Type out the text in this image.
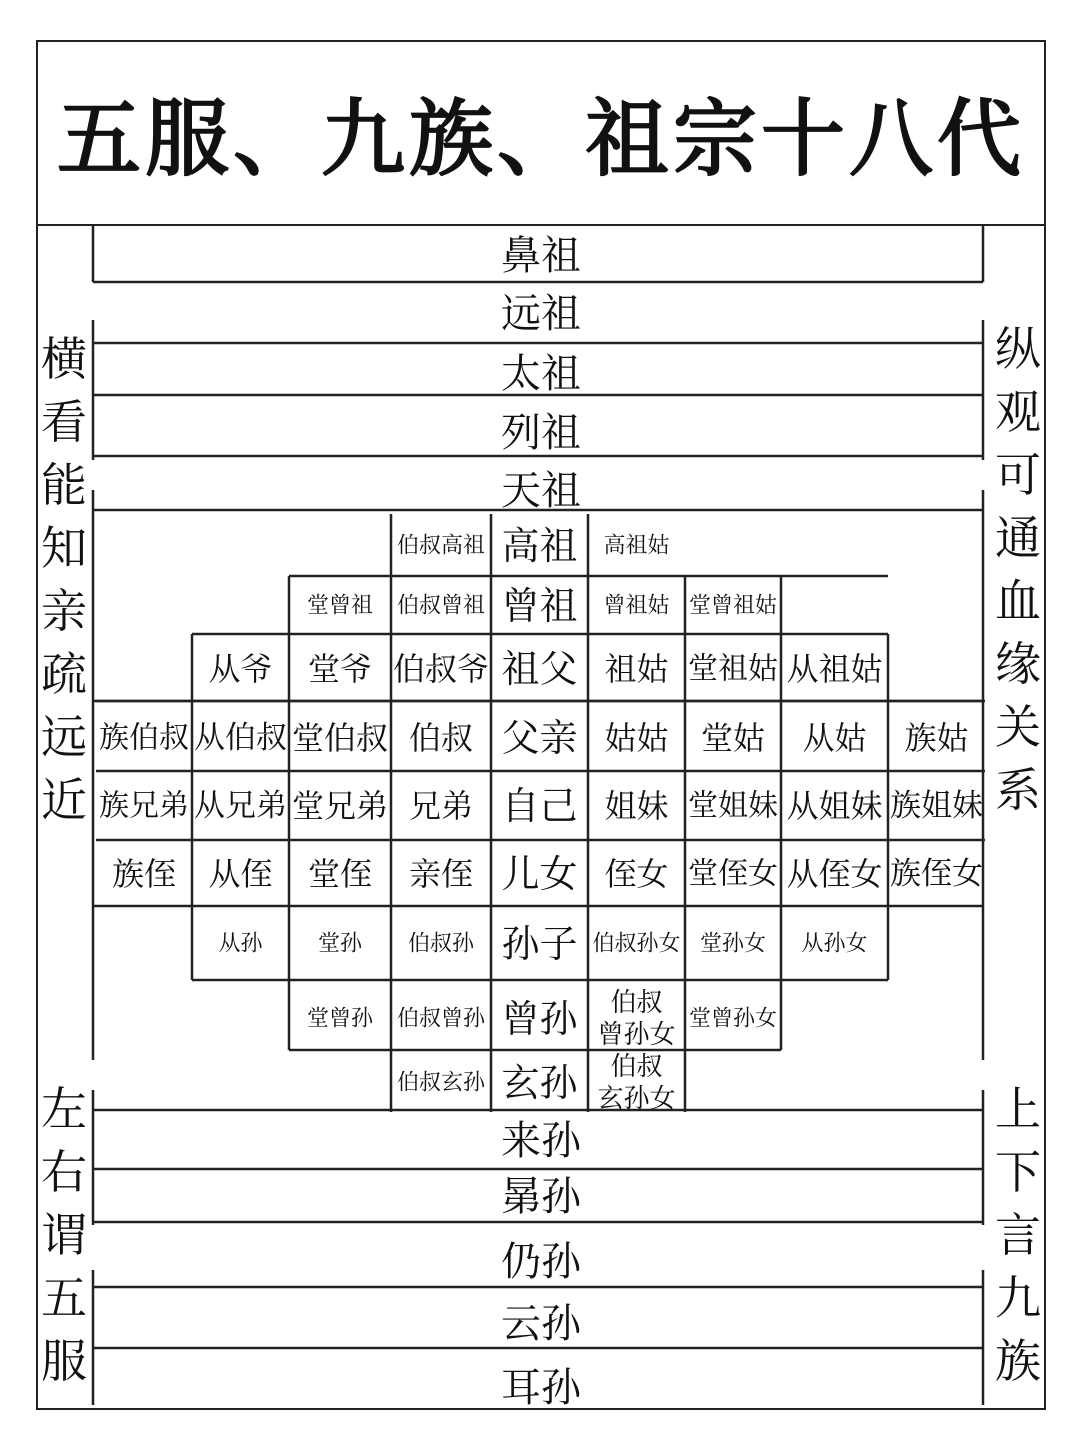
五服、九族、祖宗十八代
鼻祖
远祖
太祖
列祖
天祖
来孙
晜孙
仍孙
云孙
耳孙
伯叔高祖 高祖 高祖姑
堂曾祖 伯叔曾祖 曾祖 曾祖姑 堂曾祖姑
从爷 堂爷 伯叔爷 祖父 祖姑 堂祖姑 从祖姑
族伯叔 从伯叔 堂伯叔 伯叔 父亲 姑姑 堂姑 从姑 族姑
族兄弟 从兄弟 堂兄弟 兄弟 自己 姐妹 堂姐妹 从姐妹 族姐妹
族侄 从侄 堂侄 亲侄 儿女 侄女 堂侄女 从侄女 族侄女
从孙	堂孙 伯叔孙 孙子 伯叔孙女 堂孙女 从孙女
堂曾孙 伯叔曾孙 曾孙 伯叔
曾孙女
堂曾孙女
伯叔玄孙 玄孙 伯叔
玄孙女
横
看
能
知
亲
疏
远
近
纵
观
可
通
血
缘
关
系
左
右
谓
五
服
上
下
言
九
族
